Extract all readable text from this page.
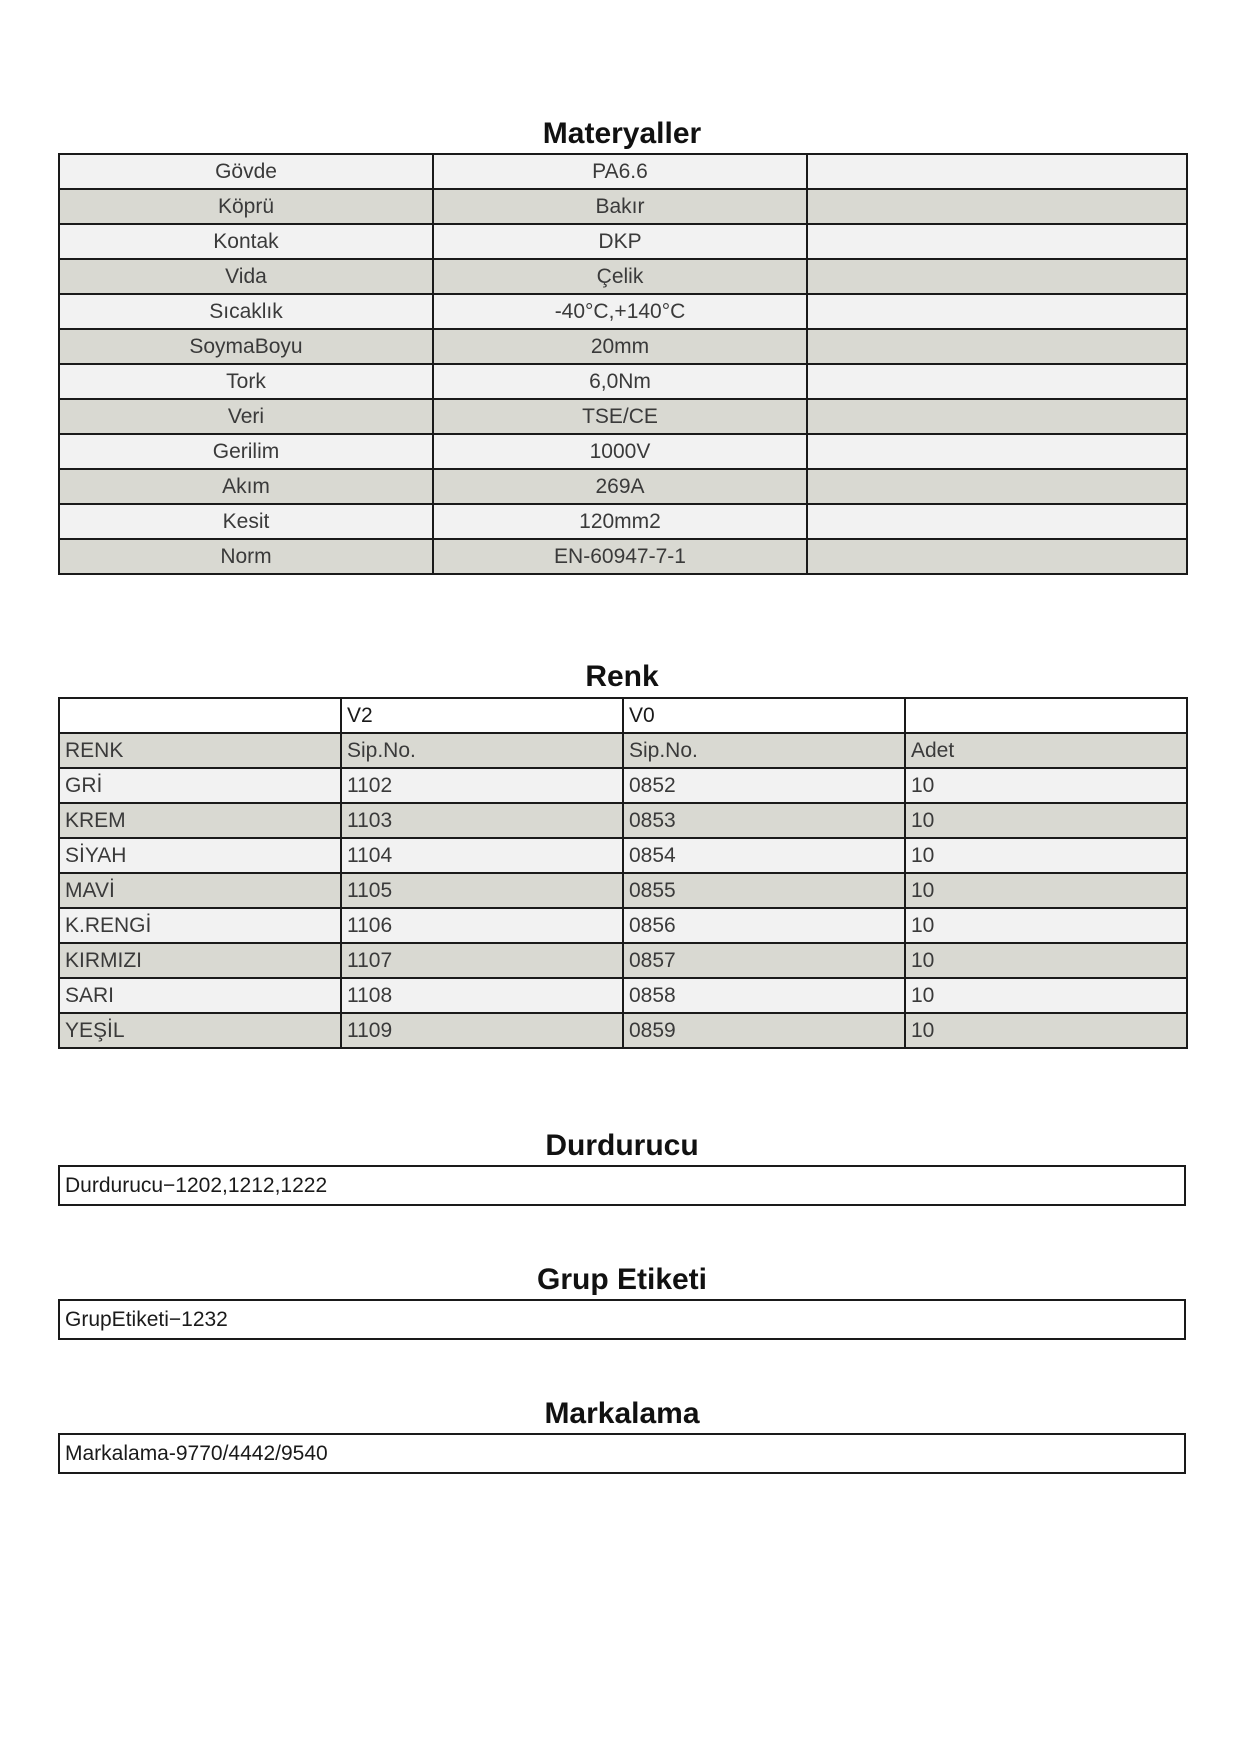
Materyaller
Gövde	PA6.6	
Köprü	Bakır	
Kontak	DKP	
Vida	Çelik	
Sıcaklık	-40°C,+140°C	
SoymaBoyu	20mm	
Tork	6,0Nm	
Veri	TSE/CE	
Gerilim	1000V	
Akım	269A	
Kesit	120mm2	
Norm	EN-60947-7-1	
Renk
	V2	V0	
RENK	Sip.No.	Sip.No.	Adet
GRİ	1102	0852	10
KREM	1103	0853	10
SİYAH	1104	0854	10
MAVİ	1105	0855	10
K.RENGİ	1106	0856	10
KIRMIZI	1107	0857	10
SARI	1108	0858	10
YEŞİL	1109	0859	10
Durdurucu
Durdurucu−1202,1212,1222
Grup Etiketi
GrupEtiketi−1232
Markalama
Markalama-9770/4442/9540
